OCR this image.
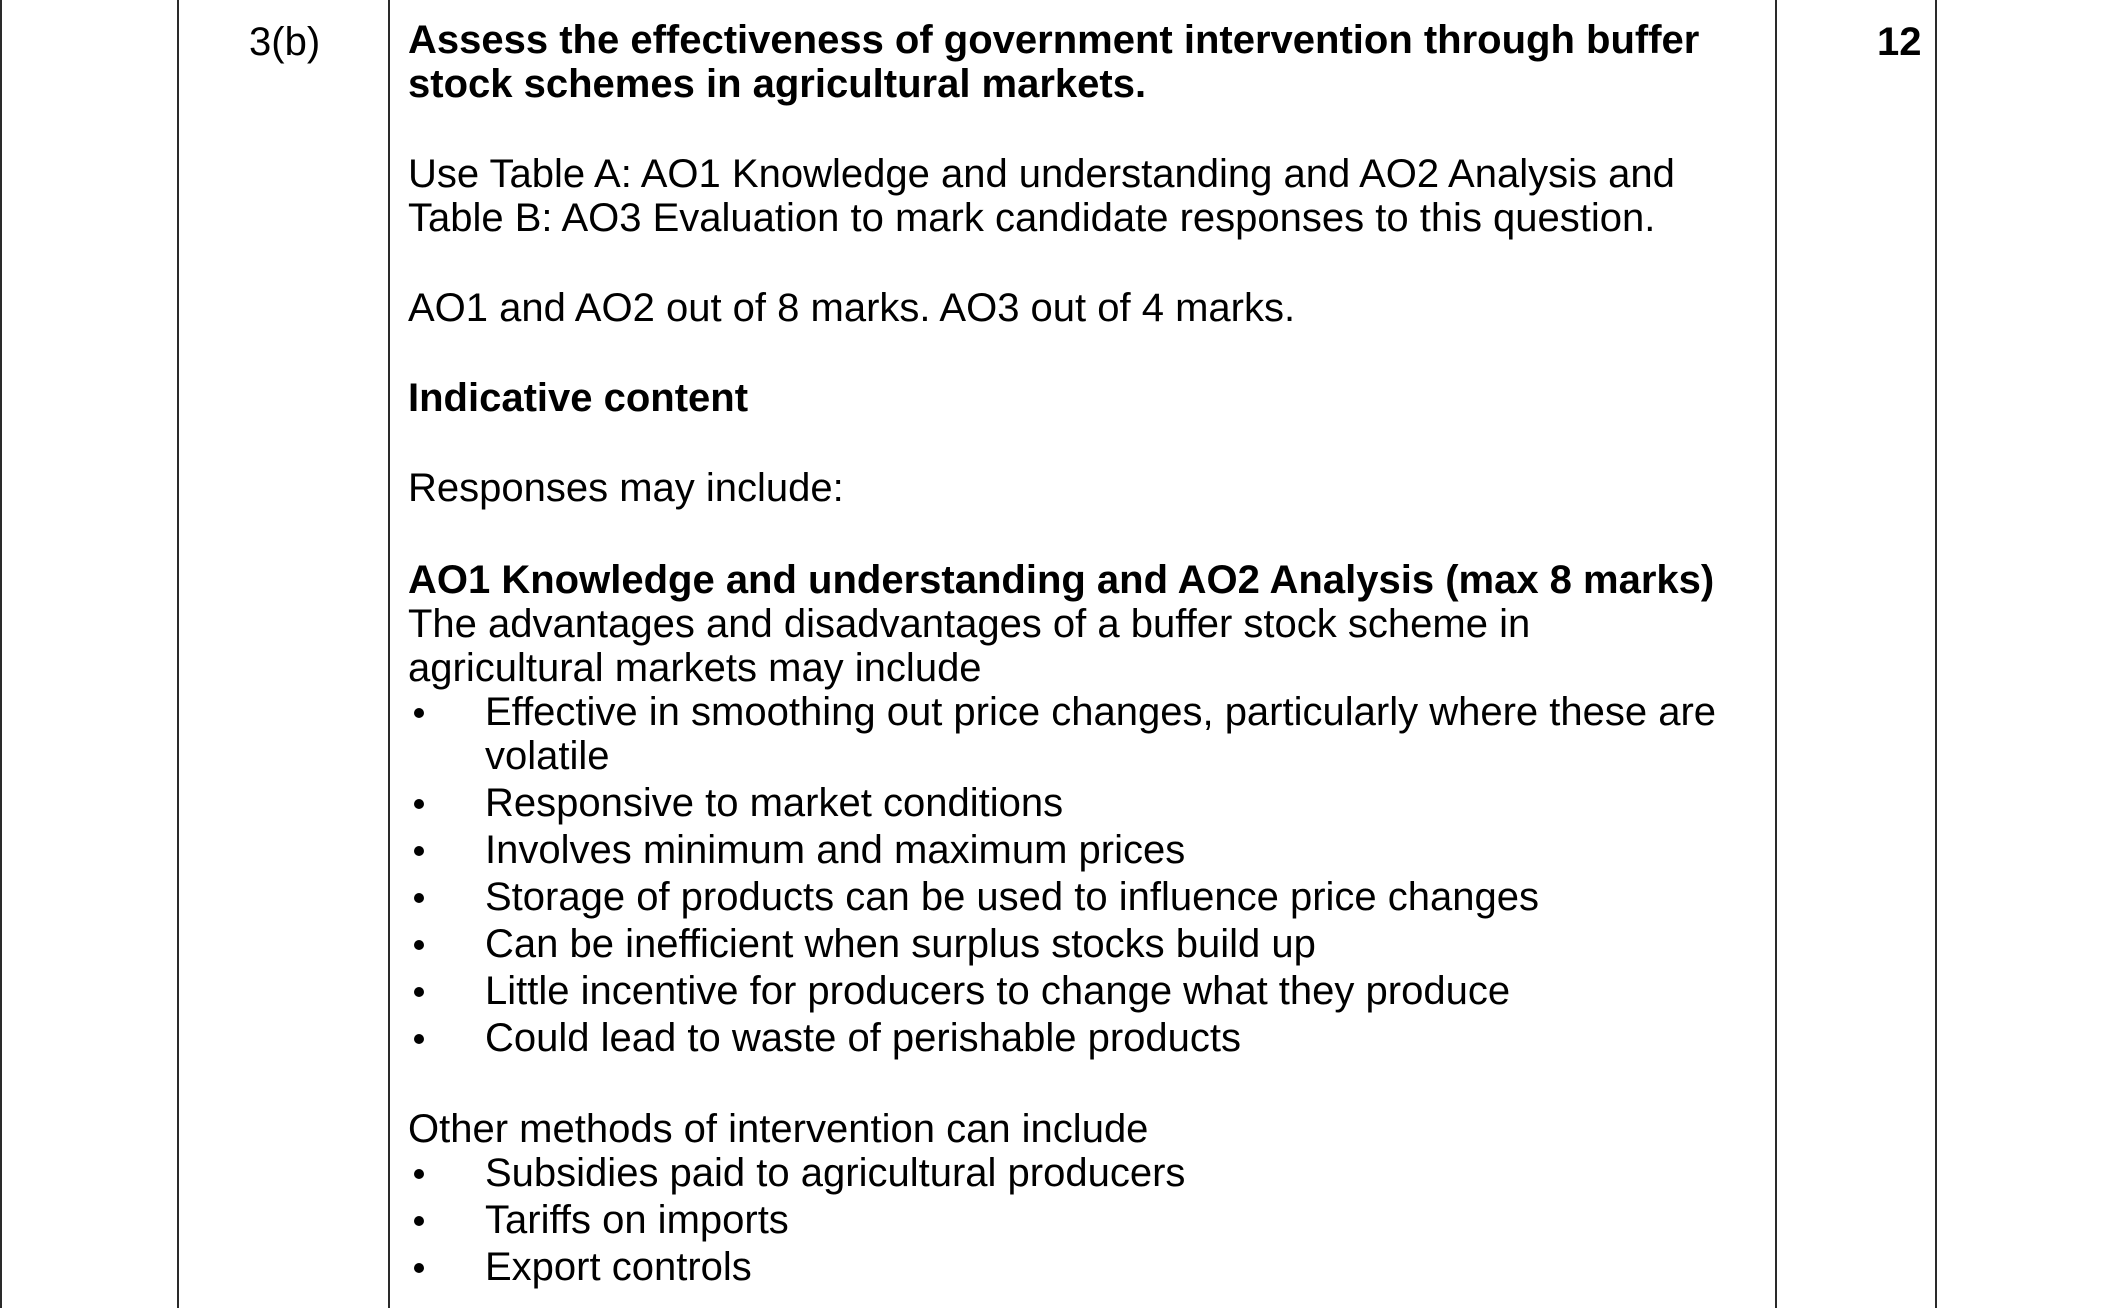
3(b)	12

Assess the effectiveness of government intervention through buffer stock schemes in agricultural markets.

Use Table A: AO1 Knowledge and understanding and AO2 Analysis and Table B: AO3 Evaluation to mark candidate responses to this question.

AO1 and AO2 out of 8 marks. AO3 out of 4 marks.

Indicative content

Responses may include:

AO1 Knowledge and understanding and AO2 Analysis (max 8 marks)

The advantages and disadvantages of a buffer stock scheme in agricultural markets may include

Effective in smoothing out price changes, particularly where these are volatile
Responsive to market conditions
Involves minimum and maximum prices
Storage of products can be used to influence price changes
Can be inefficient when surplus stocks build up
Little incentive for producers to change what they produce
Could lead to waste of perishable products

Other methods of intervention can include

Subsidies paid to agricultural producers
Tariffs on imports
Export controls
